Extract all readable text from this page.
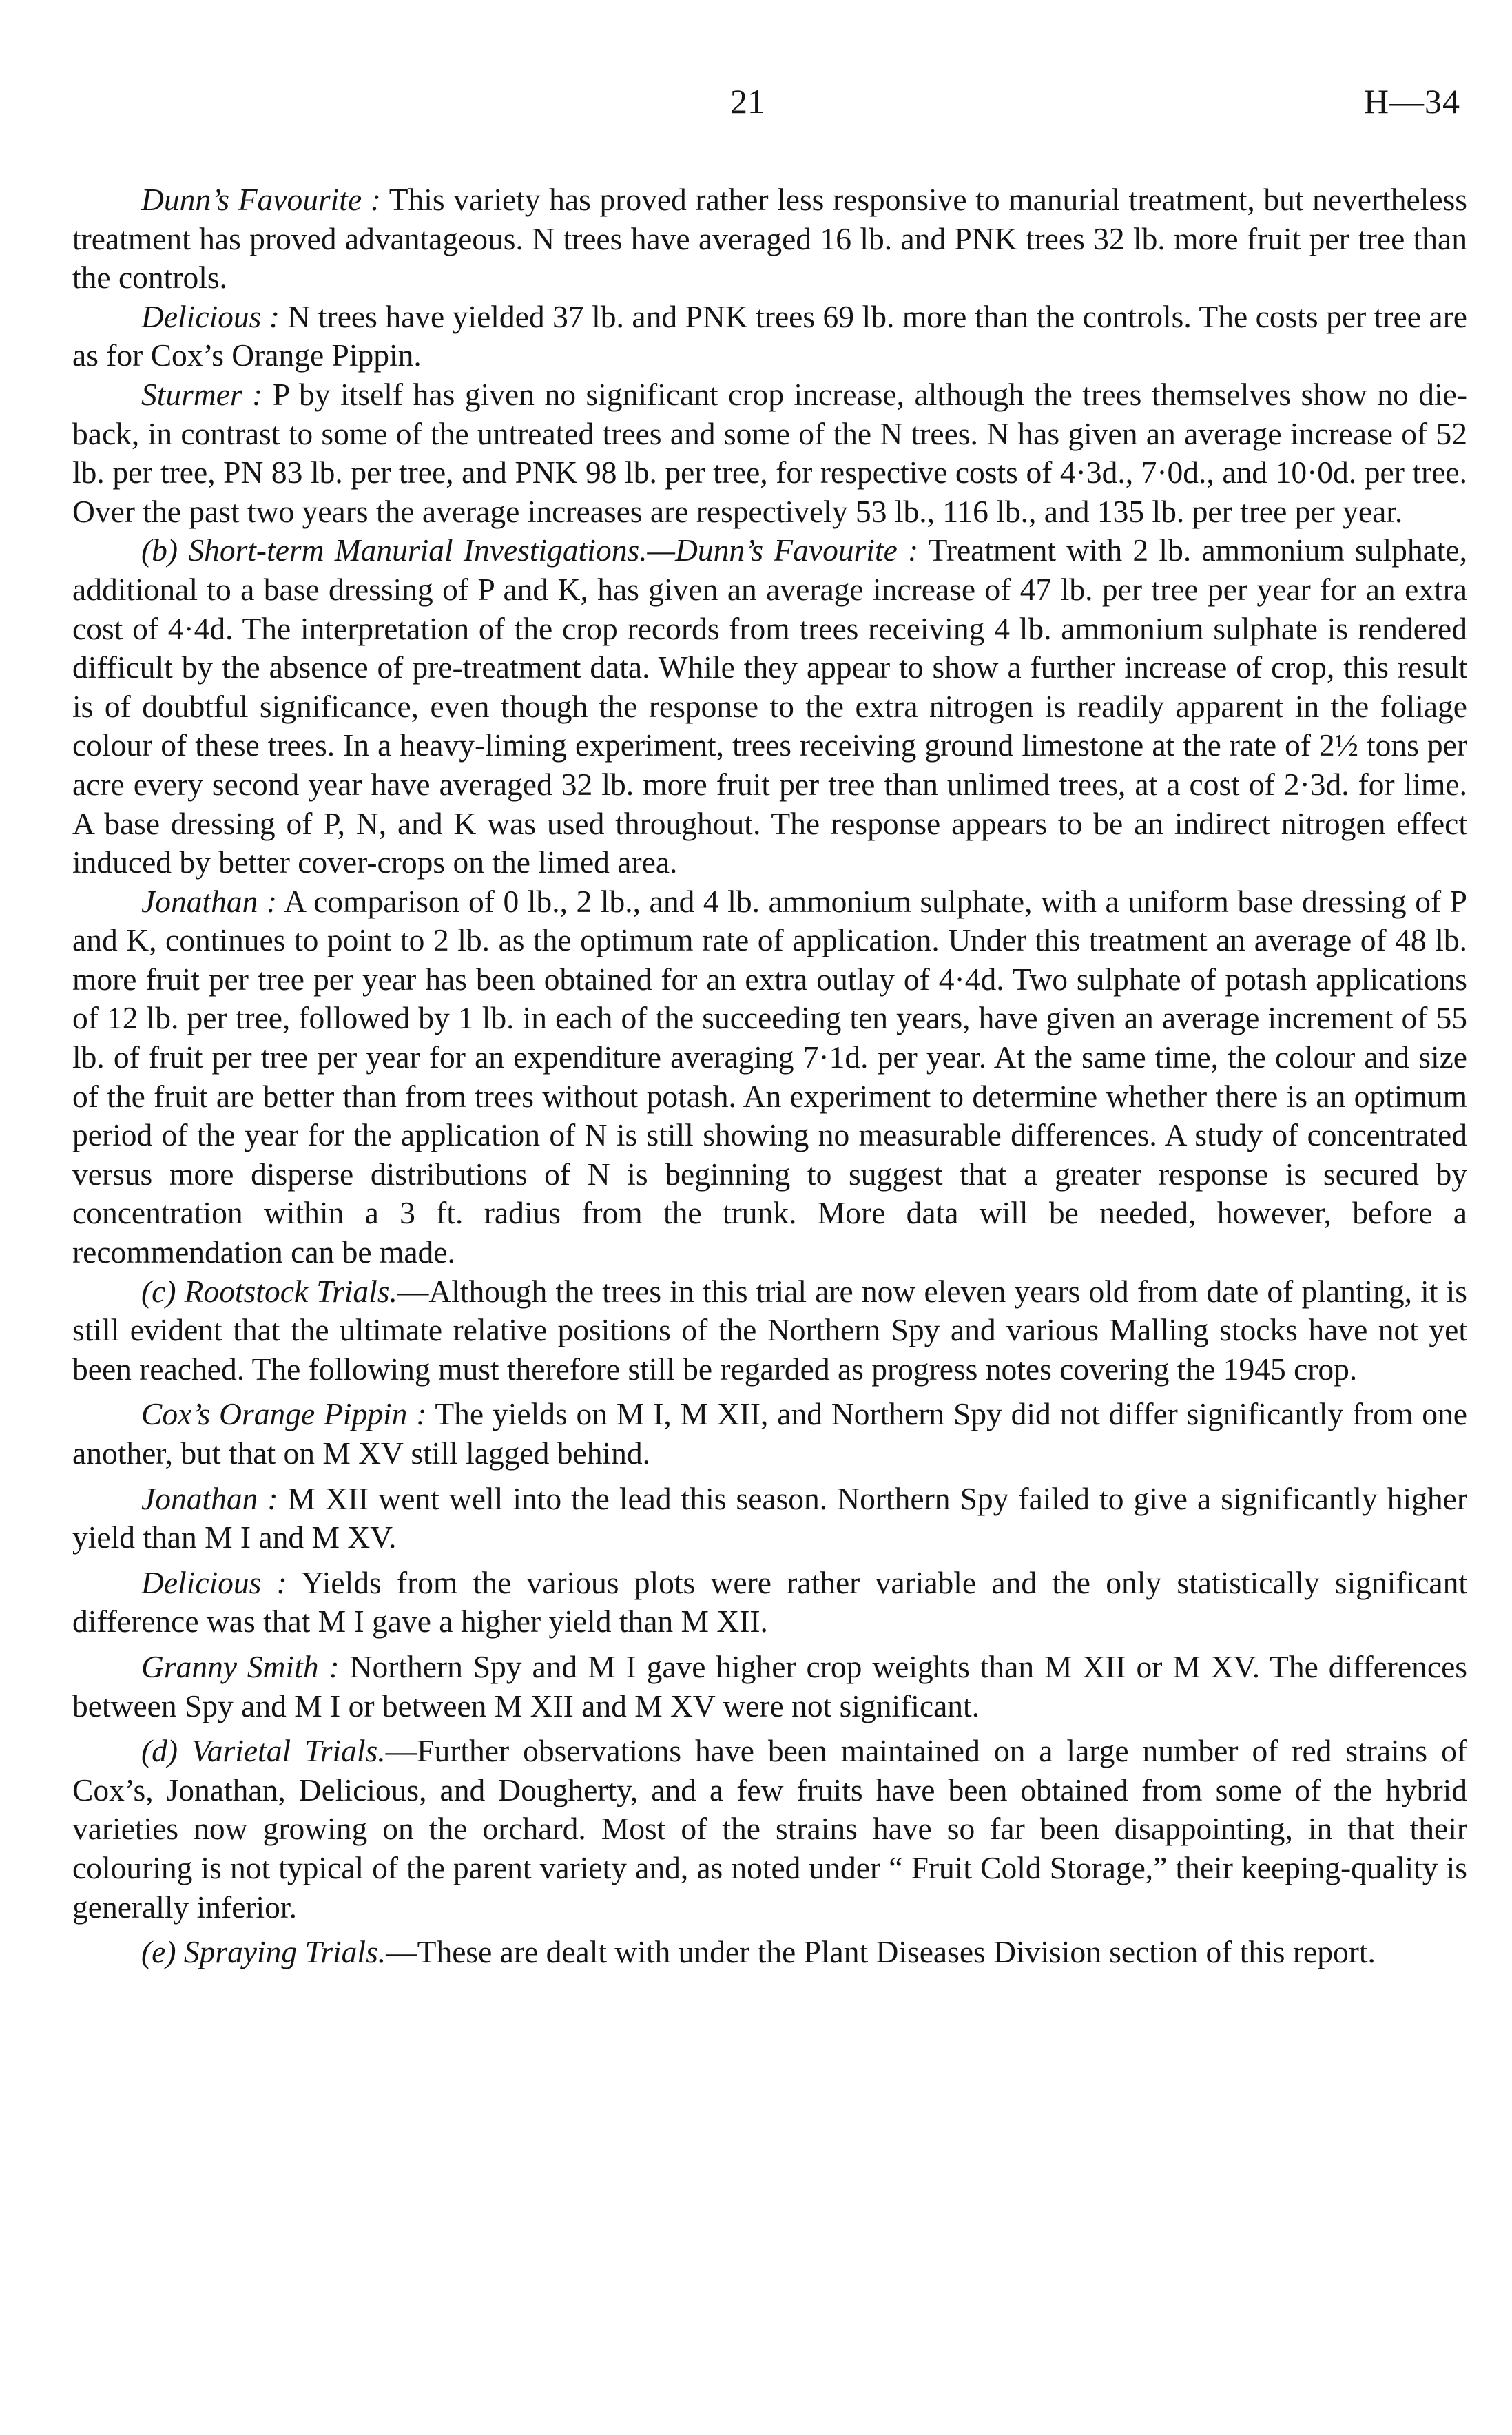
21	H—34

Dunn’s Favourite : This variety has proved rather less responsive to manurial treatment, but nevertheless treatment has proved advantageous. N trees have averaged 16 lb. and PNK trees 32 lb. more fruit per tree than the controls.

Delicious : N trees have yielded 37 lb. and PNK trees 69 lb. more than the controls. The costs per tree are as for Cox’s Orange Pippin.

Sturmer : P by itself has given no significant crop increase, although the trees themselves show no die-back, in contrast to some of the untreated trees and some of the N trees. N has given an average increase of 52 lb. per tree, PN 83 lb. per tree, and PNK 98 lb. per tree, for respective costs of 4·3d., 7·0d., and 10·0d. per tree. Over the past two years the average increases are respectively 53 lb., 116 lb., and 135 lb. per tree per year.

(b) Short-term Manurial Investigations.—Dunn’s Favourite : Treatment with 2 lb. ammonium sulphate, additional to a base dressing of P and K, has given an average increase of 47 lb. per tree per year for an extra cost of 4·4d. The interpretation of the crop records from trees receiving 4 lb. ammonium sulphate is rendered difficult by the absence of pre-treatment data. While they appear to show a further increase of crop, this result is of doubtful significance, even though the response to the extra nitrogen is readily apparent in the foliage colour of these trees. In a heavy-liming experiment, trees receiving ground limestone at the rate of 2½ tons per acre every second year have averaged 32 lb. more fruit per tree than unlimed trees, at a cost of 2·3d. for lime. A base dressing of P, N, and K was used throughout. The response appears to be an indirect nitrogen effect induced by better cover-crops on the limed area.

Jonathan : A comparison of 0 lb., 2 lb., and 4 lb. ammonium sulphate, with a uniform base dressing of P and K, continues to point to 2 lb. as the optimum rate of application. Under this treatment an average of 48 lb. more fruit per tree per year has been obtained for an extra outlay of 4·4d. Two sulphate of potash applications of 12 lb. per tree, followed by 1 lb. in each of the succeeding ten years, have given an average increment of 55 lb. of fruit per tree per year for an expenditure averaging 7·1d. per year. At the same time, the colour and size of the fruit are better than from trees without potash. An experiment to determine whether there is an optimum period of the year for the application of N is still showing no measurable differences. A study of concentrated versus more disperse distributions of N is beginning to suggest that a greater response is secured by concentration within a 3 ft. radius from the trunk. More data will be needed, however, before a recommendation can be made.

(c) Rootstock Trials.—Although the trees in this trial are now eleven years old from date of planting, it is still evident that the ultimate relative positions of the Northern Spy and various Malling stocks have not yet been reached. The following must therefore still be regarded as progress notes covering the 1945 crop.

Cox’s Orange Pippin : The yields on M I, M XII, and Northern Spy did not differ significantly from one another, but that on M XV still lagged behind.

Jonathan : M XII went well into the lead this season. Northern Spy failed to give a significantly higher yield than M I and M XV.

Delicious : Yields from the various plots were rather variable and the only statistically significant difference was that M I gave a higher yield than M XII.

Granny Smith : Northern Spy and M I gave higher crop weights than M XII or M XV. The differences between Spy and M I or between M XII and M XV were not significant.

(d) Varietal Trials.—Further observations have been maintained on a large number of red strains of Cox’s, Jonathan, Delicious, and Dougherty, and a few fruits have been obtained from some of the hybrid varieties now growing on the orchard. Most of the strains have so far been disappointing, in that their colouring is not typical of the parent variety and, as noted under “ Fruit Cold Storage,” their keeping-quality is generally inferior.

(e) Spraying Trials.—These are dealt with under the Plant Diseases Division section of this report.
